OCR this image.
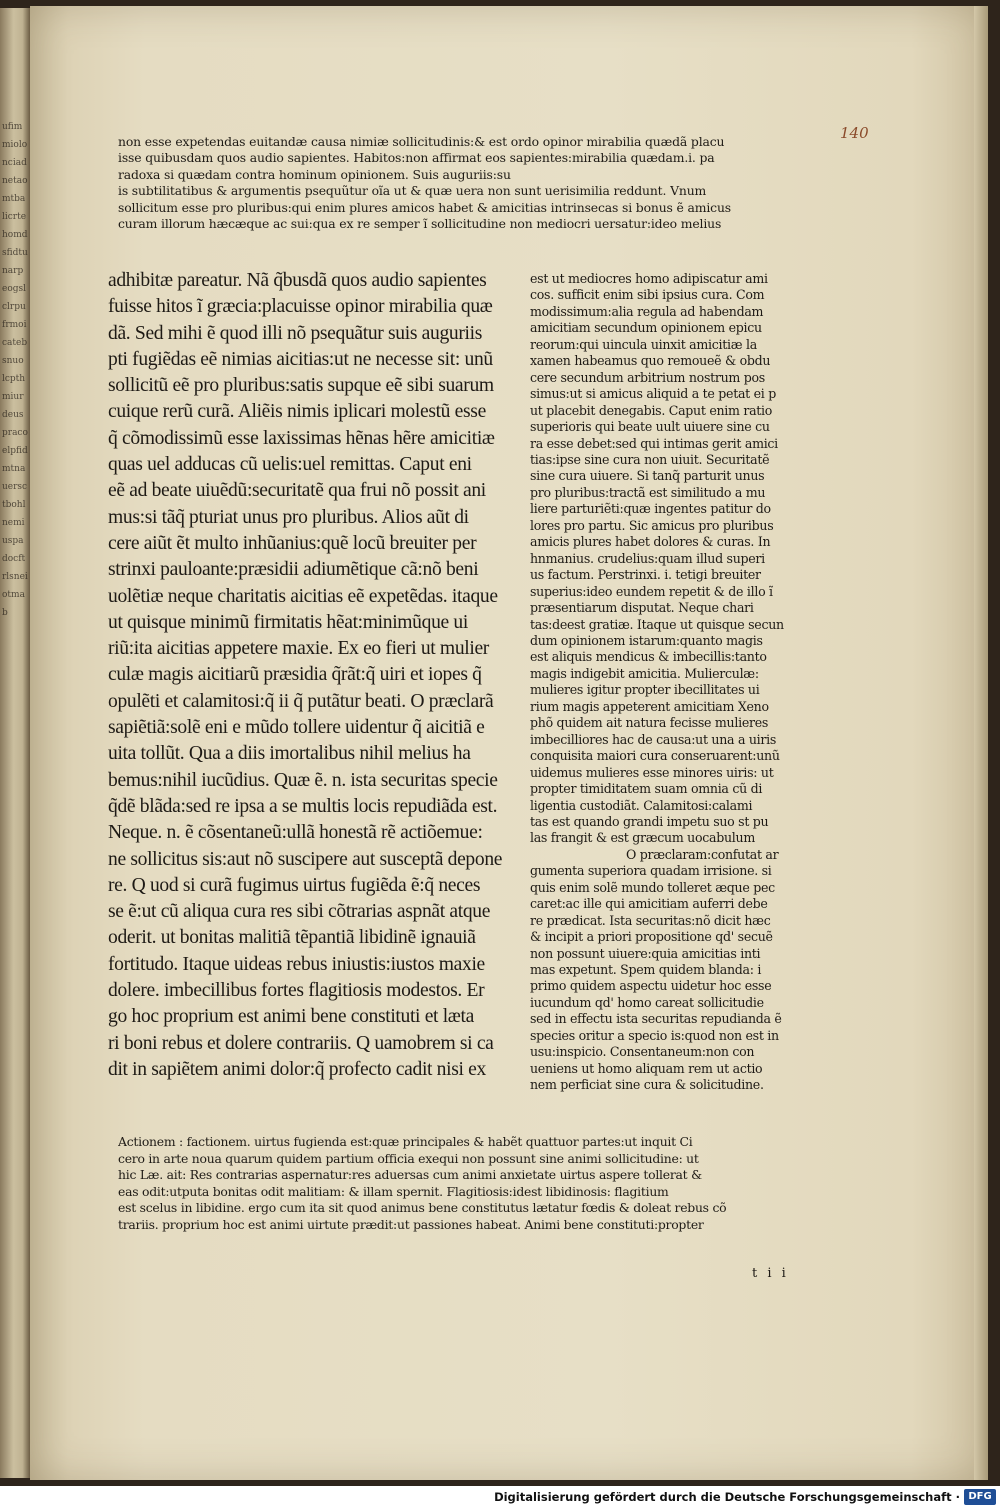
ufimmiolonciadnetaomtbalicrtehomdsfidtunarpeogslclrpufrmoicatebsnuo lcpthmiurdeuspracoelpfidmtnauersctbohlnemiuspadocftrlsneiotmab
140
non esse expetendas euitandæ causa nimiæ sollicitudinis:& est ordo opinor mirabilia quædã placu
isse quibusdam quos audio sapientes. Habitos:non affirmat eos sapientes:mirabilia quædam.i. pa
radoxa si quædam contra hominum opinionem. Suis auguriis:su
is subtilitatibus & argumentis psequũtur oĩa ut & quæ uera non sunt uerisimilia reddunt. Vnum
sollicitum esse pro pluribus:qui enim plures amicos habet & amicitias intrinsecas si bonus ẽ amicus
curam illorum hæcæque ac sui:qua ex re semper ĩ sollicitudine non mediocri uersatur:ideo melius
adhibitæ pareatur. Nã q̃busdã quos audio sapientes
fuisse hitos ĩ græcia:placuisse opinor mirabilia quæ
dã. Sed mihi ẽ quod illi nõ psequãtur suis auguriis
pti fugiẽdas eẽ nimias aicitias:ut ne necesse sit: unũ
sollicitũ eẽ pro pluribus:satis supque eẽ sibi suarum
cuique rerũ curã. Aliẽis nimis iplicari molestũ esse
q̃ cõmodissimũ esse laxissimas hẽnas hẽre amicitiæ
quas uel adducas cũ uelis:uel remittas. Caput eni
eẽ ad beate uiuẽdũ:securitatẽ qua frui nõ possit ani
mus:si tãq̃ pturiat unus pro pluribus. Alios aũt di
cere aiũt ẽt multo inhũanius:quẽ locũ breuiter per
strinxi pauloante:præsidii adiumẽtique cã:nõ beni
uolẽtiæ neque charitatis aicitias eẽ expetẽdas. itaque
ut quisque minimũ firmitatis hẽat:minimũque ui
riũ:ita aicitias appetere maxie. Ex eo fieri ut mulier
culæ magis aicitiarũ præsidia q̃rãt:q̃ uiri et iopes q̃
opulẽti et calamitosi:q̃ ii q̃ putãtur beati. O præclarã
sapiẽtiã:solẽ eni e mũdo tollere uidentur q̃ aicitiã e
uita tollũt. Qua a diis imortalibus nihil melius ha
bemus:nihil iucũdius. Quæ ẽ. n. ista securitas specie
q̃dẽ blãda:sed re ipsa a se multis locis repudiãda est.
Neque. n. ẽ cõsentaneũ:ullã honestã rẽ actiõemue:
ne sollicitus sis:aut nõ suscipere aut susceptã depone
re. Q uod si curã fugimus uirtus fugiẽda ẽ:q̃ neces
se ẽ:ut cũ aliqua cura res sibi cõtrarias aspnãt atque
oderit. ut bonitas malitiã tẽpantiã libidinẽ ignauiã
fortitudo. Itaque uideas rebus iniustis:iustos maxie
dolere. imbecillibus fortes flagitiosis modestos. Er
go hoc proprium est animi bene constituti et læta
ri boni rebus et dolere contrariis. Q uamobrem si ca
dit in sapiẽtem animi dolor:q̃ profecto cadit nisi ex
est ut mediocres homo adipiscatur ami
cos. sufficit enim sibi ipsius cura. Com
modissimum:alia regula ad habendam
amicitiam secundum opinionem epicu
reorum:qui uincula uinxit amicitiæ la
xamen habeamus quo remoueẽ & obdu
cere secundum arbitrium nostrum pos
simus:ut si amicus aliquid a te petat ei p
ut placebit denegabis. Caput enim ratio
superioris qui beate uult uiuere sine cu
ra esse debet:sed qui intimas gerit amici
tias:ipse sine cura non uiuit. Securitatẽ
sine cura uiuere. Si tanq̃ parturit unus
pro pluribus:tractã est similitudo a mu
liere parturiẽti:quæ ingentes patitur do
lores pro partu. Sic amicus pro pluribus
amicis plures habet dolores & curas. In
hnmanius. crudelius:quam illud superi
us factum. Perstrinxi. i. tetigi breuiter
superius:ideo eundem repetit & de illo ĩ
præsentiarum disputat. Neque chari
tas:deest gratiæ. Itaque ut quisque secun
dum opinionem istarum:quanto magis
est aliquis mendicus & imbecillis:tanto
magis indigebit amicitia. Mulierculæ:
mulieres igitur propter ibecillitates ui
rium magis appeterent amicitiam Xeno
phõ quidem ait natura fecisse mulieres
imbecilliores hac de causa:ut una a uiris
conquisita maiori cura conseruarent:unũ
uidemus mulieres esse minores uiris: ut
propter timiditatem suam omnia cũ di
ligentia custodiãt. Calamitosi:calami
tas est quando grandi impetu suo st pu
las frangit & est græcum uocabulum
O præclaram:confutat ar
gumenta superiora quadam irrisione. si
quis enim solẽ mundo tolleret æque pec
caret:ac ille qui amicitiam auferri debe
re prædicat. Ista securitas:nõ dicit hæc
& incipit a priori propositione qd' secuẽ
non possunt uiuere:quia amicitias inti
mas expetunt. Spem quidem blanda: i
primo quidem aspectu uidetur hoc esse
iucundum qd' homo careat sollicitudie
sed in effectu ista securitas repudianda ẽ
species oritur a specio is:quod non est in
usu:inspicio. Consentaneum:non con
ueniens ut homo aliquam rem ut actio
nem perficiat sine cura & solicitudine.
Actionem : factionem. uirtus fugienda est:quæ principales & habẽt quattuor partes:ut inquit Ci
cero in arte noua quarum quidem partium officia exequi non possunt sine animi sollicitudine: ut
hic Læ. ait: Res contrarias aspernatur:res aduersas cum animi anxietate uirtus aspere tollerat &
eas odit:utputa bonitas odit malitiam: & illam spernit. Flagitiosis:idest libidinosis: flagitium
est scelus in libidine. ergo cum ita sit quod animus bene constitutus lætatur fœdis & doleat rebus cõ
trariis. proprium hoc est animi uirtute prædit:ut passiones habeat. Animi bene constituti:propter
t i i
Digitalisierung gefördert durch die Deutsche Forschungsgemeinschaft · DFG
